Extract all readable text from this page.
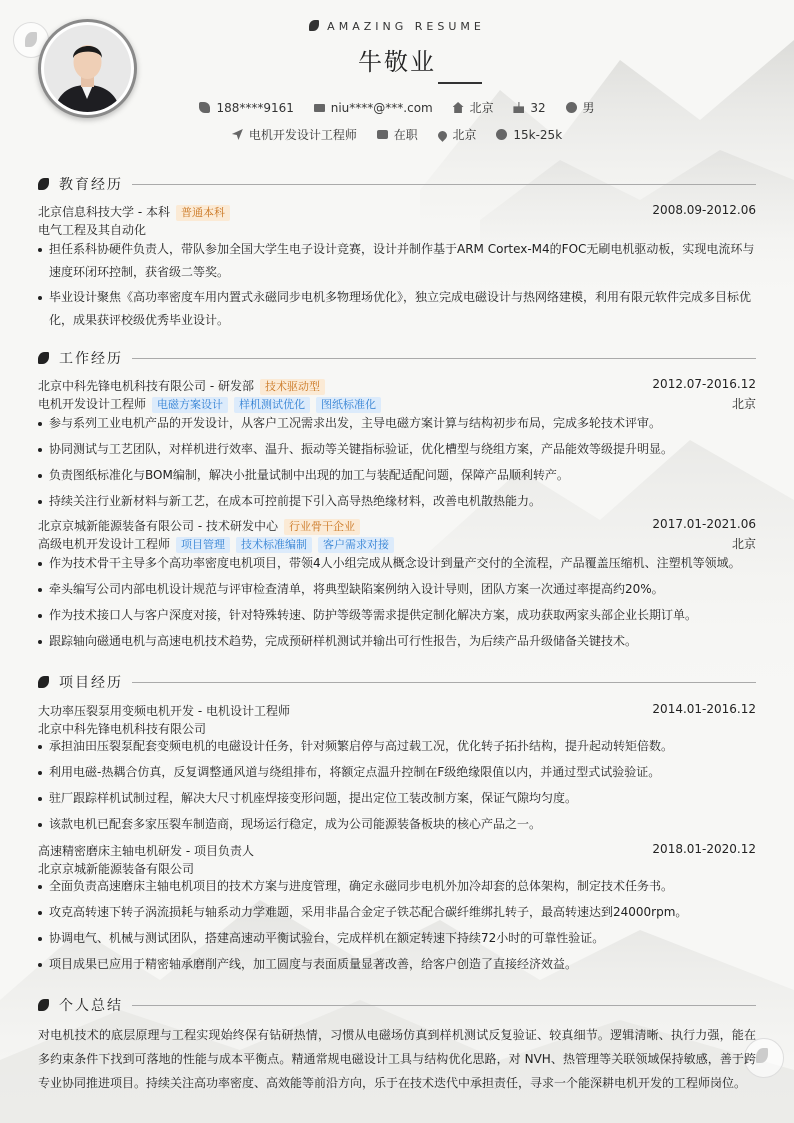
AMAZING RESUME
牛敬业
188****9161	niu****@***.com	北京	32	男
电机开发设计工程师	在职	北京	15k-25k
教育经历
北京信息科技大学 - 本科 普通本科	2008.09-2012.06
电气工程及其自动化
担任系科协硬件负责人，带队参加全国大学生电子设计竞赛，设计并制作基于ARM Cortex-M4的FOC无刷电机驱动板，实现电流环与速度环闭环控制，获省级二等奖。
毕业设计聚焦《高功率密度车用内置式永磁同步电机多物理场优化》，独立完成电磁设计与热网络建模，利用有限元软件完成多目标优化，成果获评校级优秀毕业设计。
工作经历
北京中科先锋电机科技有限公司 - 研发部 技术驱动型	2012.07-2016.12
电机开发设计工程师 电磁方案设计 样机测试优化 图纸标准化	北京
参与系列工业电机产品的开发设计，从客户工况需求出发，主导电磁方案计算与结构初步布局，完成多轮技术评审。
协同测试与工艺团队，对样机进行效率、温升、振动等关键指标验证，优化槽型与绕组方案，产品能效等级提升明显。
负责图纸标准化与BOM编制，解决小批量试制中出现的加工与装配适配问题，保障产品顺利转产。
持续关注行业新材料与新工艺，在成本可控前提下引入高导热绝缘材料，改善电机散热能力。
北京京城新能源装备有限公司 - 技术研发中心 行业骨干企业	2017.01-2021.06
高级电机开发设计工程师 项目管理 技术标准编制 客户需求对接	北京
作为技术骨干主导多个高功率密度电机项目，带领4人小组完成从概念设计到量产交付的全流程，产品覆盖压缩机、注塑机等领域。
牵头编写公司内部电机设计规范与评审检查清单，将典型缺陷案例纳入设计导则，团队方案一次通过率提高约20%。
作为技术接口人与客户深度对接，针对特殊转速、防护等级等需求提供定制化解决方案，成功获取两家头部企业长期订单。
跟踪轴向磁通电机与高速电机技术趋势，完成预研样机测试并输出可行性报告，为后续产品升级储备关键技术。
项目经历
大功率压裂泵用变频电机开发 - 电机设计工程师	2014.01-2016.12
北京中科先锋电机科技有限公司
承担油田压裂泵配套变频电机的电磁设计任务，针对频繁启停与高过载工况，优化转子拓扑结构，提升起动转矩倍数。
利用电磁-热耦合仿真，反复调整通风道与绕组排布，将额定点温升控制在F级绝缘限值以内，并通过型式试验验证。
驻厂跟踪样机试制过程，解决大尺寸机座焊接变形问题，提出定位工装改制方案，保证气隙均匀度。
该款电机已配套多家压裂车制造商，现场运行稳定，成为公司能源装备板块的核心产品之一。
高速精密磨床主轴电机研发 - 项目负责人	2018.01-2020.12
北京京城新能源装备有限公司
全面负责高速磨床主轴电机项目的技术方案与进度管理，确定永磁同步电机外加冷却套的总体架构，制定技术任务书。
攻克高转速下转子涡流损耗与轴系动力学难题，采用非晶合金定子铁芯配合碳纤维绑扎转子，最高转速达到24000rpm。
协调电气、机械与测试团队，搭建高速动平衡试验台，完成样机在额定转速下持续72小时的可靠性验证。
项目成果已应用于精密轴承磨削产线，加工圆度与表面质量显著改善，给客户创造了直接经济效益。
个人总结
对电机技术的底层原理与工程实现始终保有钻研热情，习惯从电磁场仿真到样机测试反复验证、较真细节。逻辑清晰、执行力强，能在多约束条件下找到可落地的性能与成本平衡点。精通常规电磁设计工具与结构优化思路，对 NVH、热管理等关联领域保持敏感，善于跨专业协同推进项目。持续关注高功率密度、高效能等前沿方向，乐于在技术迭代中承担责任，寻求一个能深耕电机开发的工程师岗位。
